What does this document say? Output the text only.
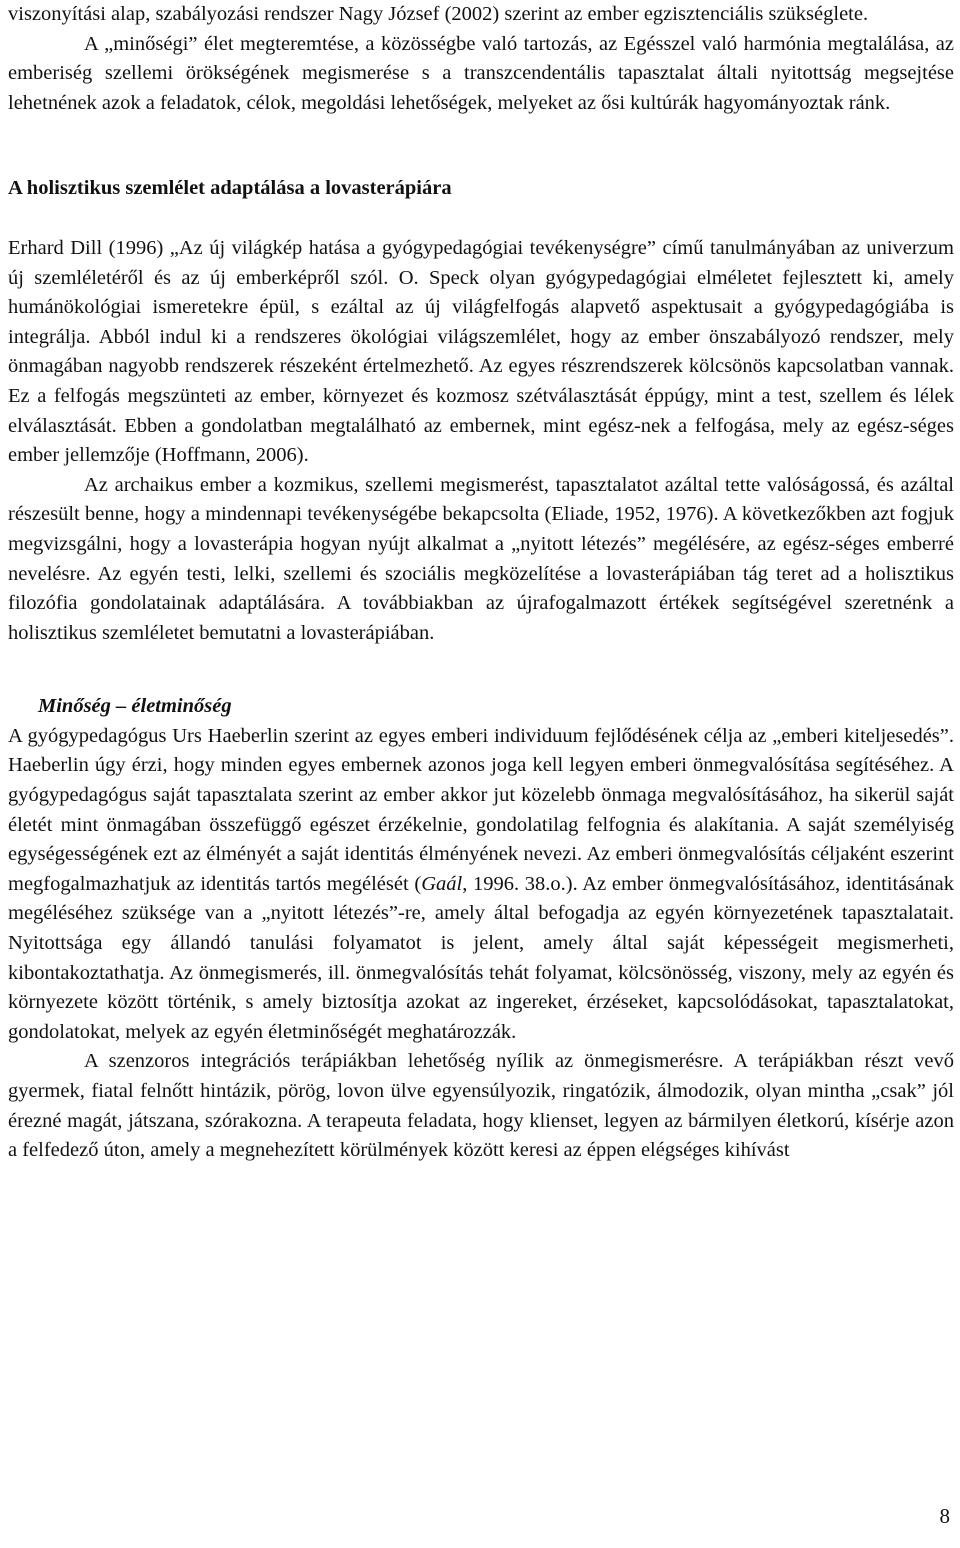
viszonyítási alap, szabályozási rendszer Nagy József (2002) szerint az ember egzisztenciális szükséglete.

A „minőségi” élet megteremtése, a közösségbe való tartozás, az Egésszel való harmónia megtalálása, az emberiség szellemi örökségének megismerése s a transzcendentális tapasztalat általi nyitottság megsejtése lehetnének azok a feladatok, célok, megoldási lehetőségek, melyeket az ősi kultúrák hagyományoztak ránk.

A holisztikus szemlélet adaptálása a lovasterápiára

Erhard Dill (1996) „Az új világkép hatása a gyógypedagógiai tevékenységre” című tanulmányában az univerzum új szemléletéről és az új emberképről szól. O. Speck olyan gyógypedagógiai elméletet fejlesztett ki, amely humánökológiai ismeretekre épül, s ezáltal az új világfelfogás alapvető aspektusait a gyógypedagógiába is integrálja. Abból indul ki a rendszeres ökológiai világszemlélet, hogy az ember önszabályozó rendszer, mely önmagában nagyobb rendszerek részeként értelmezhető. Az egyes részrendszerek kölcsönös kapcsolatban vannak. Ez a felfogás megszünteti az ember, környezet és kozmosz szétválasztását éppúgy, mint a test, szellem és lélek elválasztását. Ebben a gondolatban megtalálható az embernek, mint egész-nek a felfogása, mely az egész-séges ember jellemzője (Hoffmann, 2006).

Az archaikus ember a kozmikus, szellemi megismerést, tapasztalatot azáltal tette valóságossá, és azáltal részesült benne, hogy a mindennapi tevékenységébe bekapcsolta (Eliade, 1952, 1976). A következőkben azt fogjuk megvizsgálni, hogy a lovasterápia hogyan nyújt alkalmat a „nyitott létezés” megélésére, az egész-séges emberré nevelésre. Az egyén testi, lelki, szellemi és szociális megközelítése a lovasterápiában tág teret ad a holisztikus filozófia gondolatainak adaptálására. A továbbiakban az újrafogalmazott értékek segítségével szeretnénk a holisztikus szemléletet bemutatni a lovasterápiában.

Minőség – életminőség

A gyógypedagógus Urs Haeberlin szerint az egyes emberi individuum fejlődésének célja az „emberi kiteljesedés”. Haeberlin úgy érzi, hogy minden egyes embernek azonos joga kell legyen emberi önmegvalósítása segítéséhez. A gyógypedagógus saját tapasztalata szerint az ember akkor jut közelebb önmaga megvalósításához, ha sikerül saját életét mint önmagában összefüggő egészet érzékelnie, gondolatilag felfognia és alakítania. A saját személyiség egységességének ezt az élményét a saját identitás élményének nevezi. Az emberi önmegvalósítás céljaként eszerint megfogalmazhatjuk az identitás tartós megélését (Gaál, 1996. 38.o.). Az ember önmegvalósításához, identitásának megéléséhez szüksége van a „nyitott létezés”-re, amely által befogadja az egyén környezetének tapasztalatait. Nyitottsága egy állandó tanulási folyamatot is jelent, amely által saját képességeit megismerheti, kibontakoztathatja. Az önmegismerés, ill. önmegvalósítás tehát folyamat, kölcsönösség, viszony, mely az egyén és környezete között történik, s amely biztosítja azokat az ingereket, érzéseket, kapcsolódásokat, tapasztalatokat, gondolatokat, melyek az egyén életminőségét meghatározzák.

A szenzoros integrációs terápiákban lehetőség nyílik az önmegismerésre. A terápiákban részt vevő gyermek, fiatal felnőtt hintázik, pörög, lovon ülve egyensúlyozik, ringatózik, álmodozik, olyan mintha „csak” jól érezné magát, játszana, szórakozna. A terapeuta feladata, hogy klienset, legyen az bármilyen életkorú, kísérje azon a felfedező úton, amely a megnehezített körülmények között keresi az éppen elégséges kihívást

8
